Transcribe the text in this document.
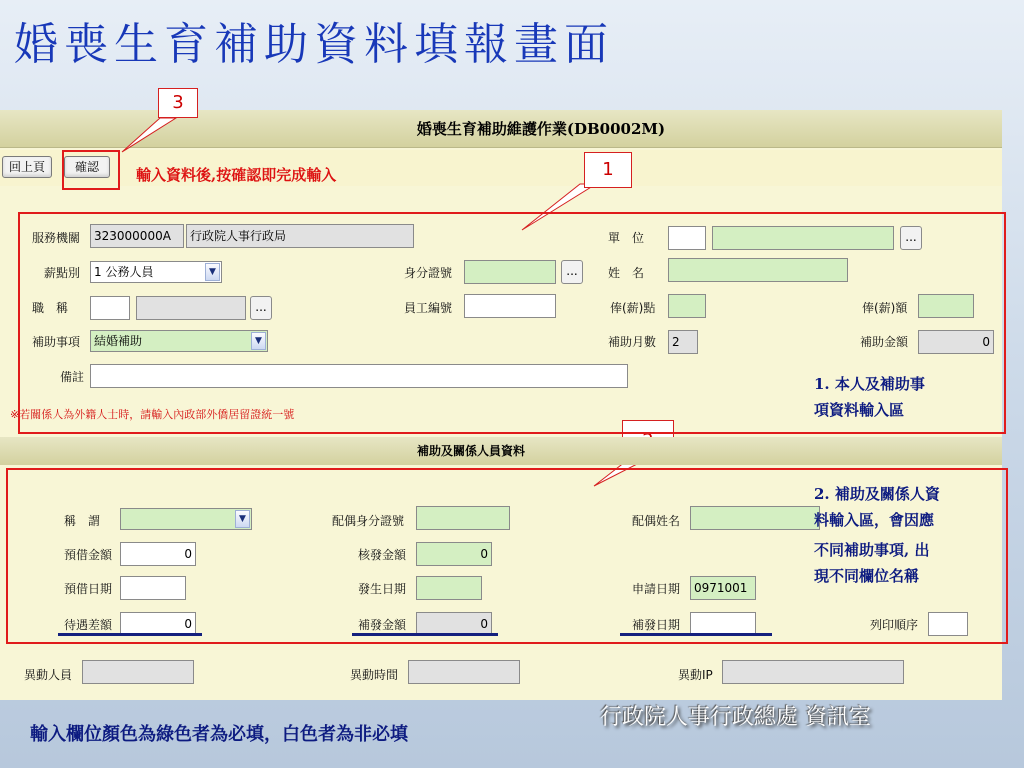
婚喪生育補助資料填報畫面
婚喪生育補助維護作業(DB0002M)
回上頁	確認	輸入資料後,按確認即完成輸入
3
1
服務機關	323000000A	行政院人事行政局	單　位	...
薪點別	1 公務人員	▼	身分證號	...	姓　名
職　稱	...	員工編號	俸(薪)點	俸(薪)額
補助事項	結婚補助	▼	補助月數	2	補助金額	0
備註
※若關係人為外籍人士時，請輸入內政部外僑居留證統一號
1. 本人及補助事
項資料輸入區
補助及關係人員資料
稱　謂	▼	配偶身分證號	配偶姓名
預借金額	0	核發金額	0
預借日期	發生日期	申請日期	0971001
待遇差額	0	補發金額	0	補發日期	列印順序
2. 補助及關係人資
料輸入區，會因應
不同補助事項, 出
現不同欄位名稱
異動人員	異動時間	異動IP
輸入欄位顏色為綠色者為必填，白色者為非必填
行政院人事行政總處 資訊室
